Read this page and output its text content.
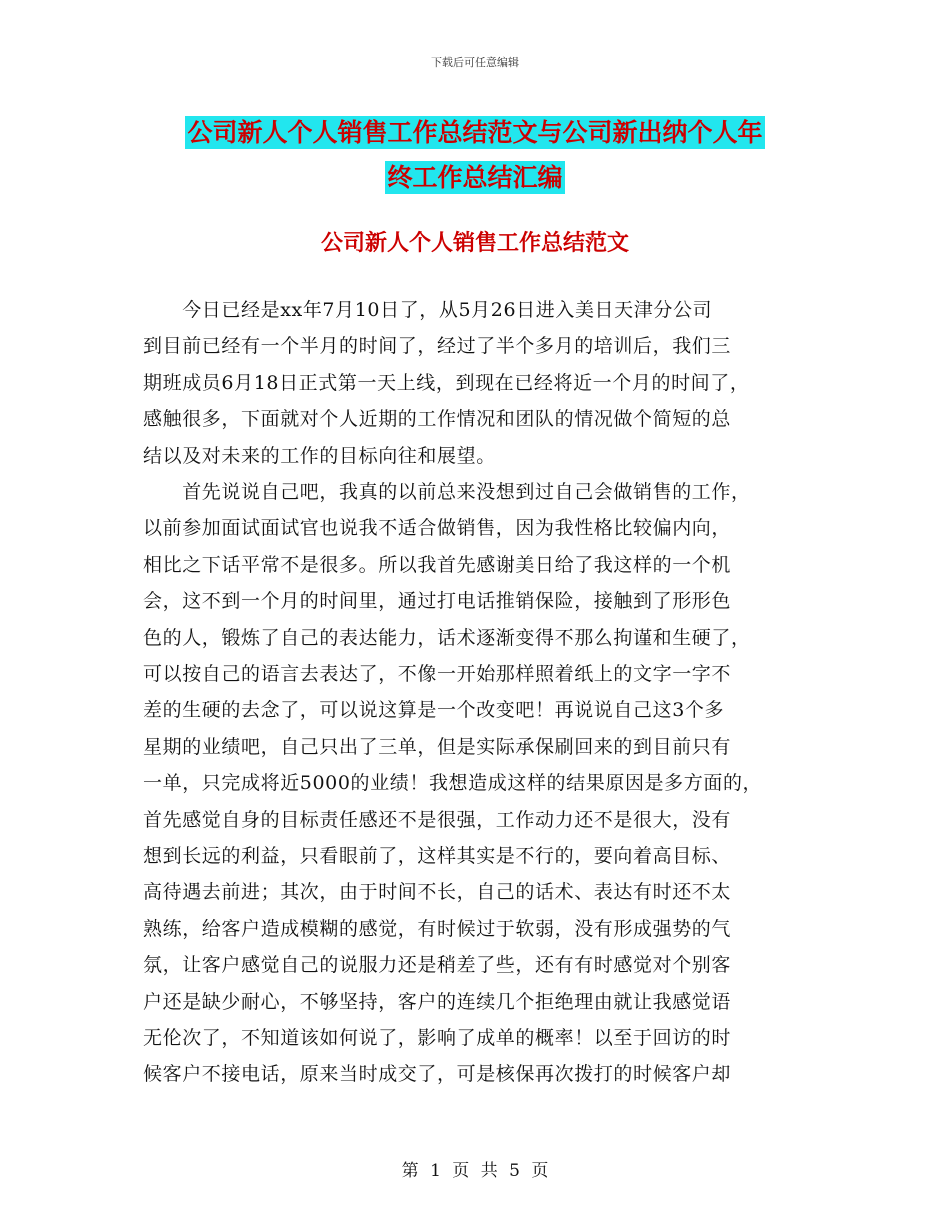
下载后可任意编辑
公司新人个人销售工作总结范文与公司新出纳个人年
终工作总结汇编
公司新人个人销售工作总结范文
　　今日已经是xx年7月10日了，从5月26日进入美日天津分公司
到目前已经有一个半月的时间了，经过了半个多月的培训后，我们三
期班成员6月18日正式第一天上线，到现在已经将近一个月的时间了，
感触很多，下面就对个人近期的工作情况和团队的情况做个简短的总
结以及对未来的工作的目标向往和展望。
　　首先说说自己吧，我真的以前总来没想到过自己会做销售的工作，
以前参加面试面试官也说我不适合做销售，因为我性格比较偏内向，
相比之下话平常不是很多。所以我首先感谢美日给了我这样的一个机
会，这不到一个月的时间里，通过打电话推销保险，接触到了形形色
色的人，锻炼了自己的表达能力，话术逐渐变得不那么拘谨和生硬了，
可以按自己的语言去表达了，不像一开始那样照着纸上的文字一字不
差的生硬的去念了，可以说这算是一个改变吧！再说说自己这3个多
星期的业绩吧，自己只出了三单，但是实际承保刷回来的到目前只有
一单，只完成将近5000的业绩！我想造成这样的结果原因是多方面的，
首先感觉自身的目标责任感还不是很强，工作动力还不是很大，没有
想到长远的利益，只看眼前了，这样其实是不行的，要向着高目标、
高待遇去前进；其次，由于时间不长，自己的话术、表达有时还不太
熟练，给客户造成模糊的感觉，有时候过于软弱，没有形成强势的气
氛，让客户感觉自己的说服力还是稍差了些，还有有时感觉对个别客
户还是缺少耐心，不够坚持，客户的连续几个拒绝理由就让我感觉语
无伦次了，不知道该如何说了，影响了成单的概率！以至于回访的时
候客户不接电话，原来当时成交了，可是核保再次拨打的时候客户却
第 1 页 共 5 页
